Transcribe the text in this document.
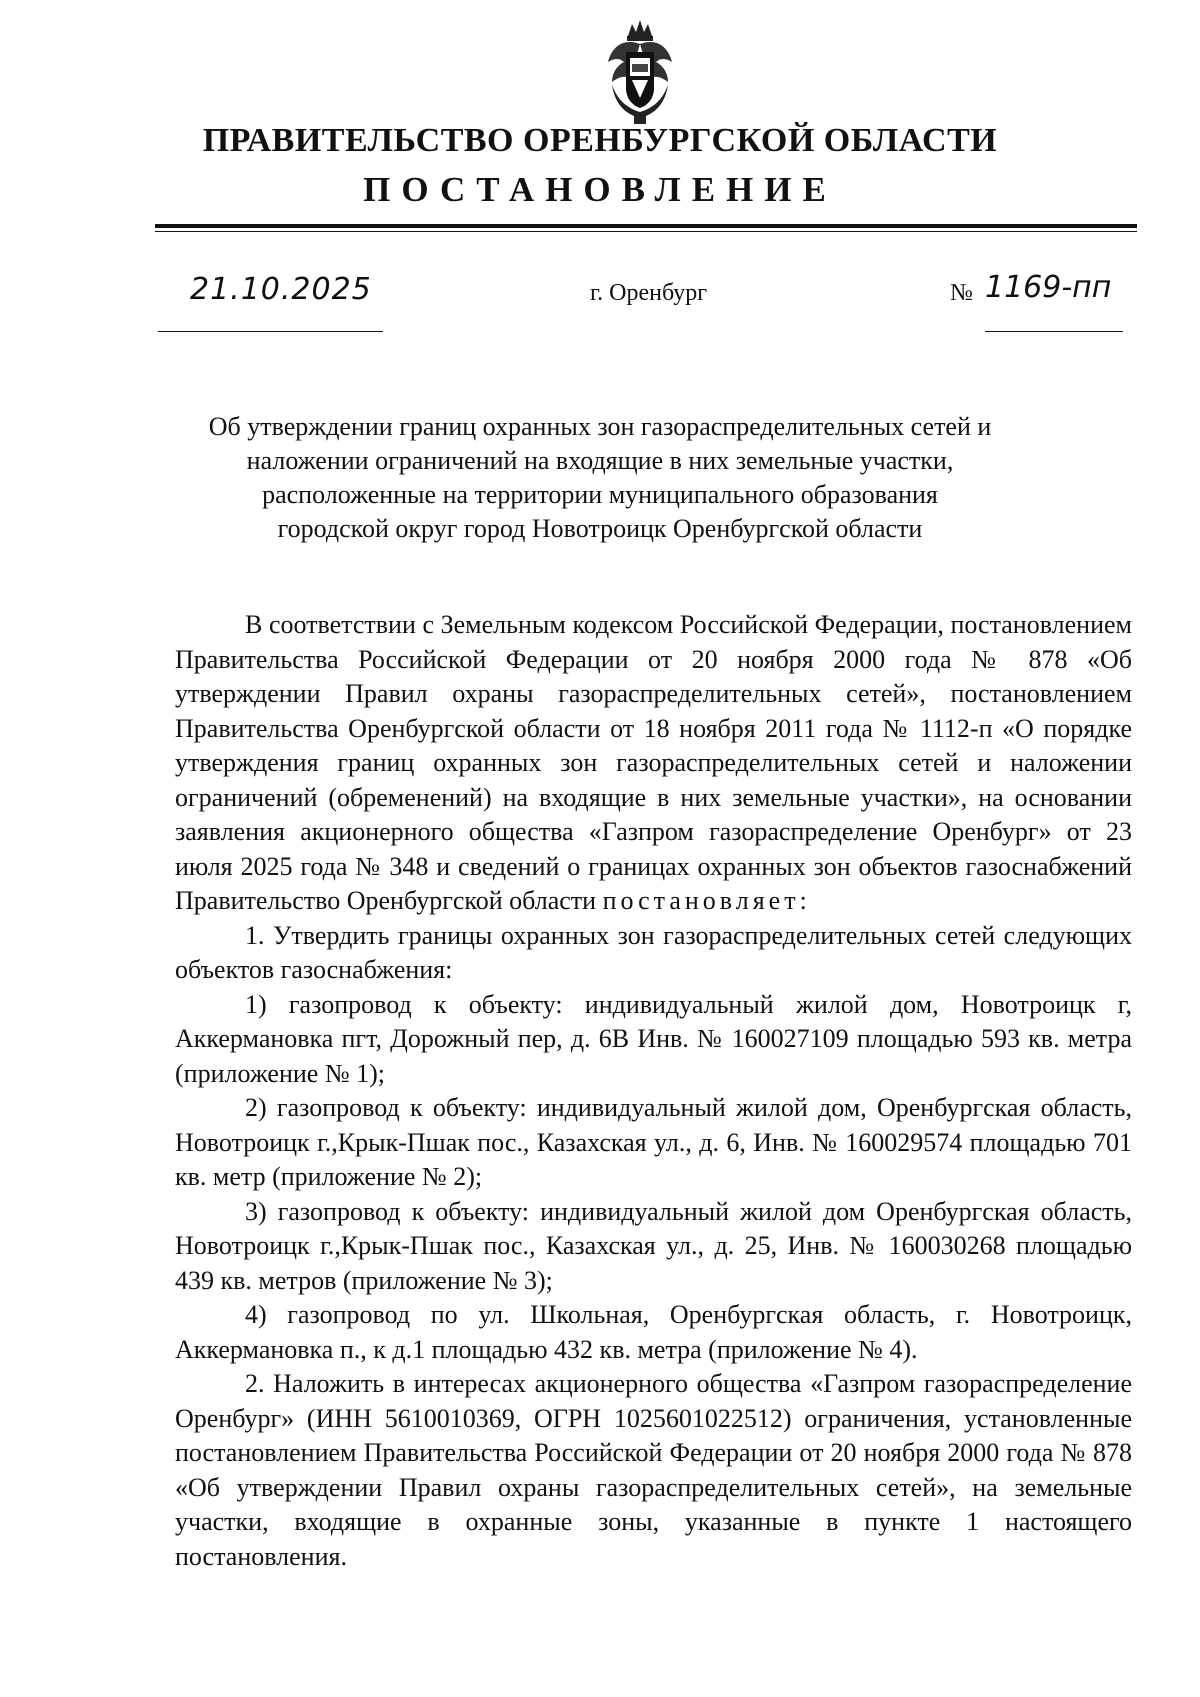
ПРАВИТЕЛЬСТВО ОРЕНБУРГСКОЙ ОБЛАСТИ
ПОСТАНОВЛЕНИЕ
21.10.2025	г. Оренбург	№ 1169-пп
Об утверждении границ охранных зон газораспределительных сетей и
наложении ограничений на входящие в них земельные участки,
расположенные на территории муниципального образования
городской округ город Новотроицк Оренбургской области

В соответствии с Земельным кодексом Российской Федерации, постановлением Правительства Российской Федерации от 20 ноября 2000 года № 878 «Об утверждении Правил охраны газораспределительных сетей», постановлением Правительства Оренбургской области от 18 ноября 2011 года № 1112-п «О порядке утверждения границ охранных зон газораспределительных сетей и наложении ограничений (обременений) на входящие в них земельные участки», на основании заявления акционерного общества «Газпром газораспределение Оренбург» от 23 июля 2025 года № 348 и сведений о границах охранных зон объектов газоснабжений Правительство Оренбургской области постановляет:

1. Утвердить границы охранных зон газораспределительных сетей следующих объектов газоснабжения:

1) газопровод к объекту: индивидуальный жилой дом, Новотроицк г, Аккермановка пгт, Дорожный пер, д. 6В Инв. № 160027109 площадью 593 кв. метра (приложение № 1);

2) газопровод к объекту: индивидуальный жилой дом, Оренбургская область, Новотроицк г.,Крык-Пшак пос., Казахская ул., д. 6, Инв. № 160029574 площадью 701 кв. метр (приложение № 2);

3) газопровод к объекту: индивидуальный жилой дом Оренбургская область, Новотроицк г.,Крык-Пшак пос., Казахская ул., д. 25, Инв. № 160030268 площадью 439 кв. метров (приложение № 3);

4) газопровод по ул. Школьная, Оренбургская область, г. Новотроицк, Аккермановка п., к д.1 площадью 432 кв. метра (приложение № 4).

2. Наложить в интересах акционерного общества «Газпром газораспределение Оренбург» (ИНН 5610010369, ОГРН 1025601022512) ограничения, установленные постановлением Правительства Российской Федерации от 20 ноября 2000 года № 878 «Об утверждении Правил охраны газораспределительных сетей», на земельные участки, входящие в охранные зоны, указанные в пункте 1 настоящего постановления.
